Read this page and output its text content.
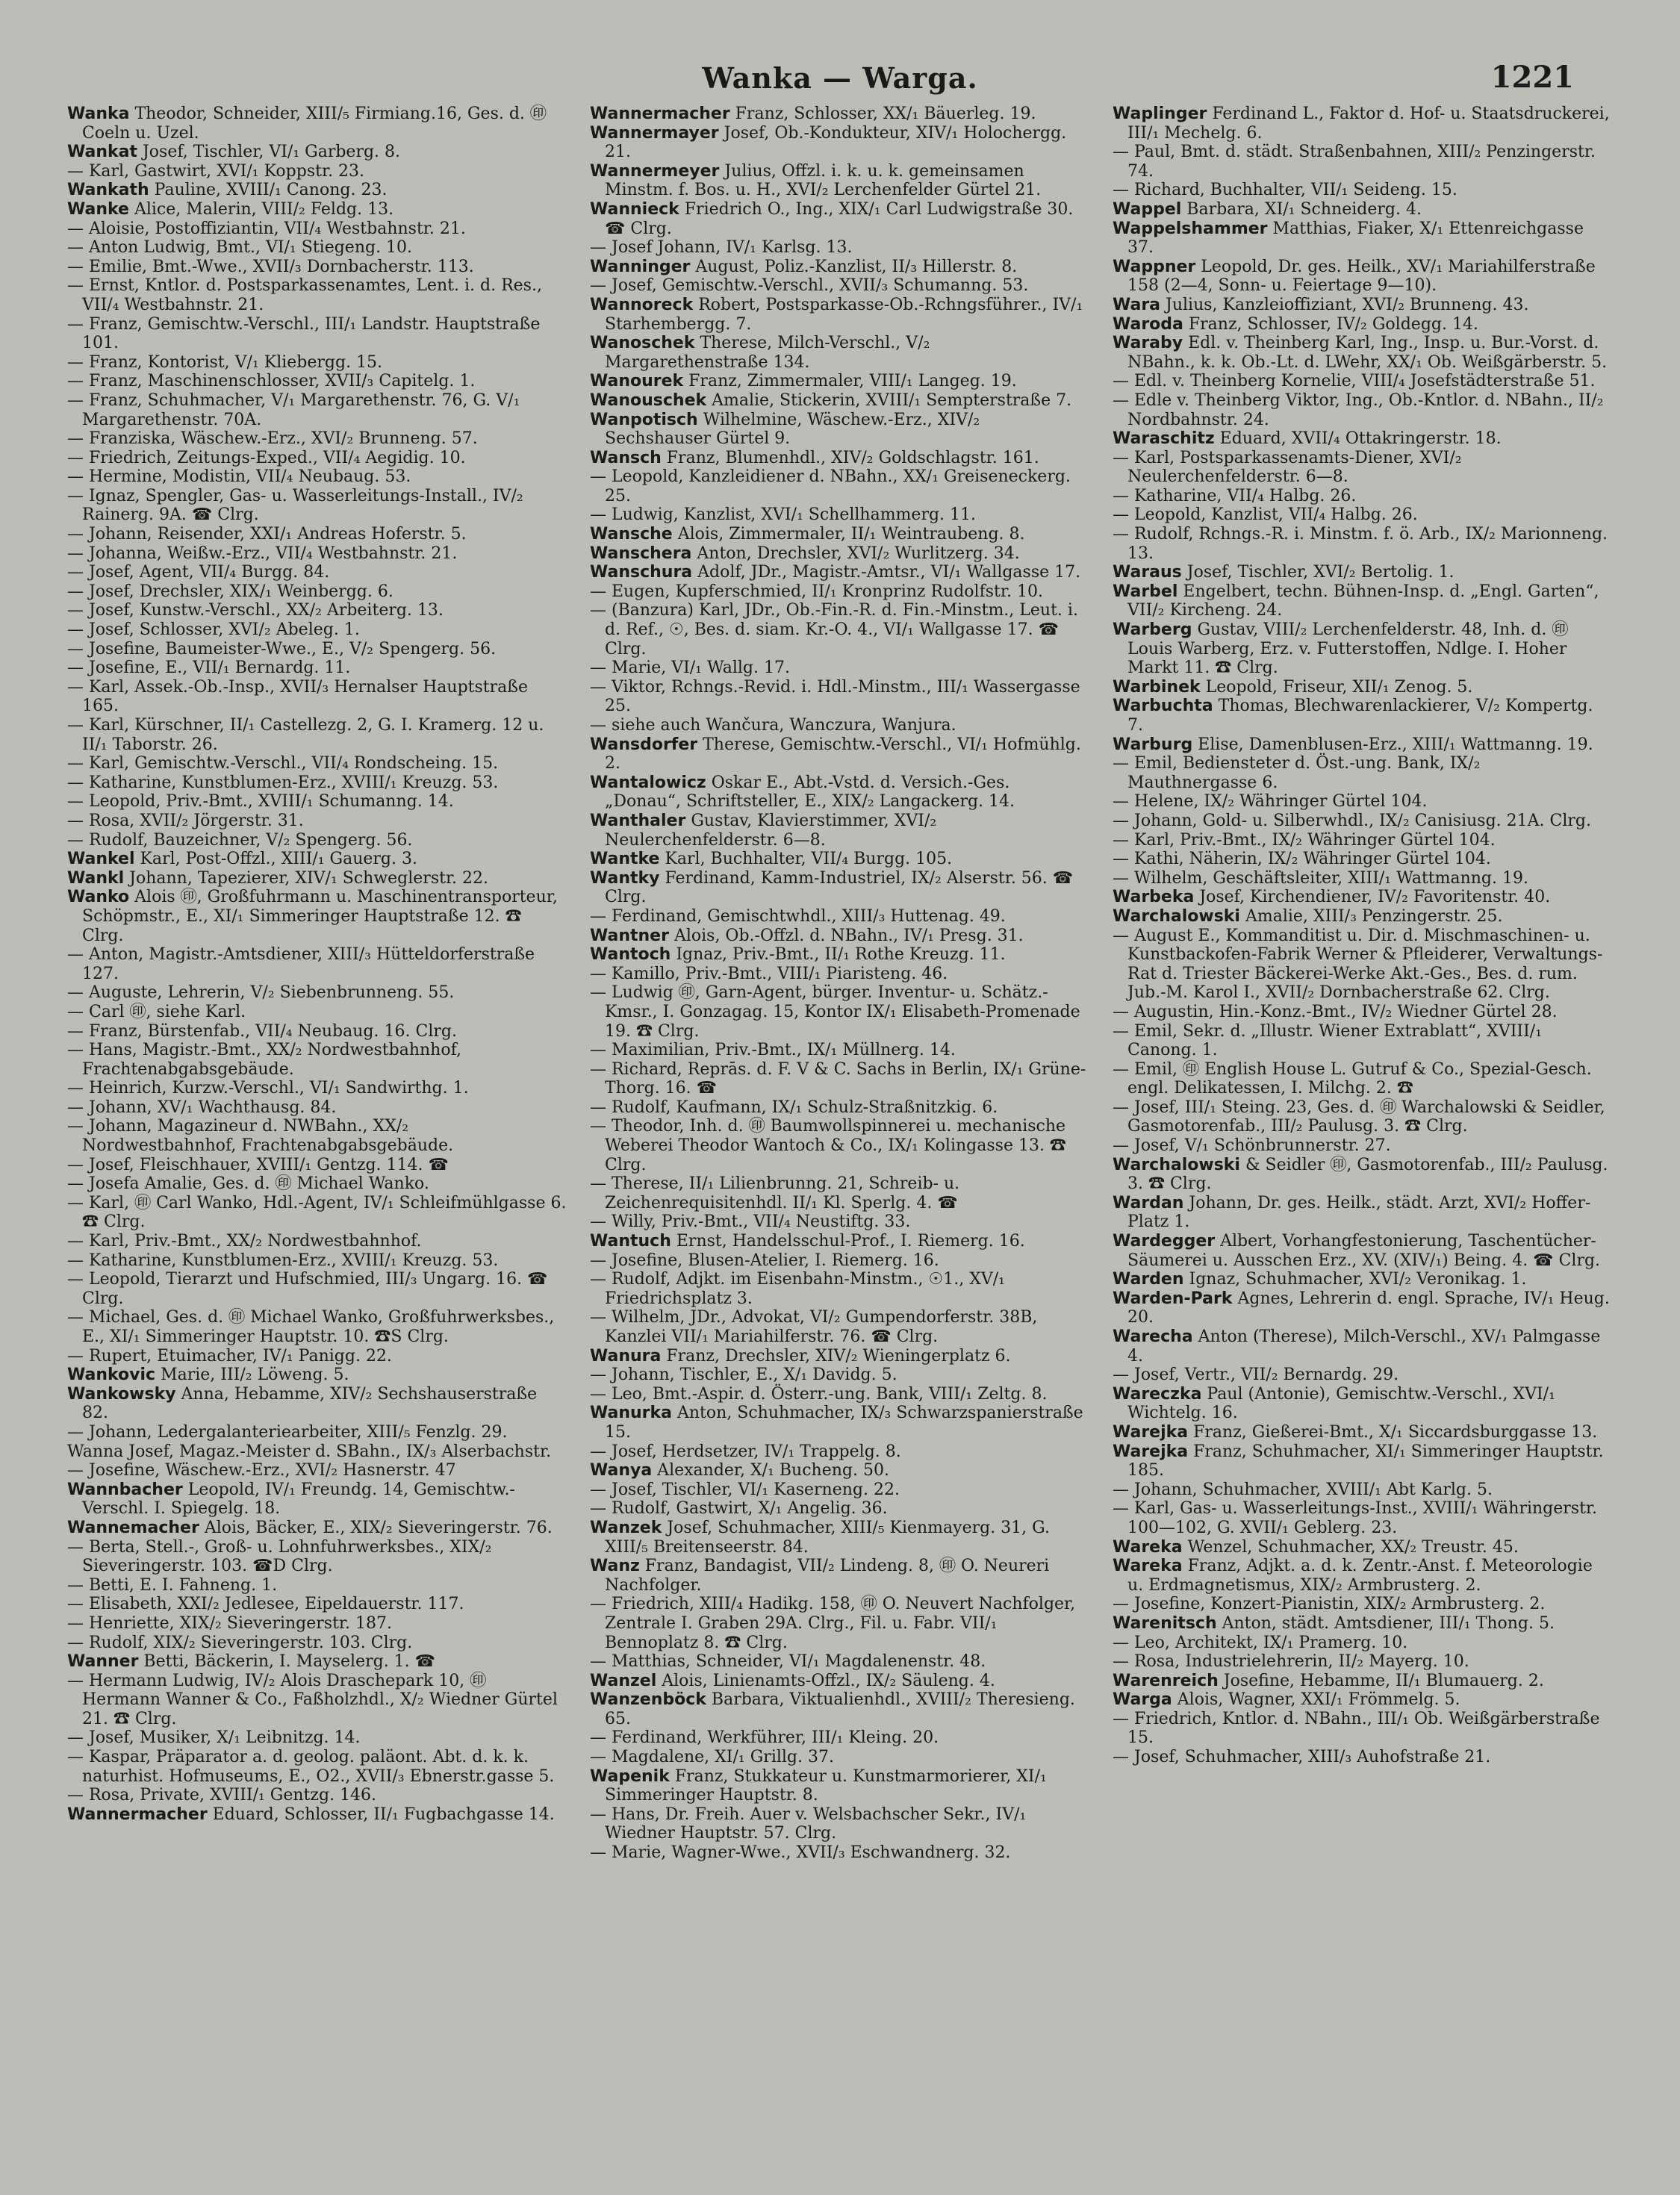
Wanka — Warga.	1221

Wanka Theodor, Schneider, XIII/₅ Firmiang.16, Ges. d. ㊞ Coeln u. Uzel.

Wankat Josef, Tischler, VI/₁ Garberg. 8.

— Karl, Gastwirt, XVI/₁ Koppstr. 23.

Wankath Pauline, XVIII/₁ Canong. 23.

Wanke Alice, Malerin, VIII/₂ Feldg. 13.

— Aloisie, Postoffiziantin, VII/₄ Westbahnstr. 21.

— Anton Ludwig, Bmt., VI/₁ Stiegeng. 10.

— Emilie, Bmt.-Wwe., XVII/₃ Dornbacherstr. 113.

— Ernst, Kntlor. d. Postsparkassenamtes, Lent. i. d. Res., VII/₄ Westbahnstr. 21.

— Franz, Gemischtw.-Verschl., III/₁ Landstr. Hauptstraße 101.

— Franz, Kontorist, V/₁ Kliebergg. 15.

— Franz, Maschinenschlosser, XVII/₃ Capitelg. 1.

— Franz, Schuhmacher, V/₁ Margarethenstr. 76, G. V/₁ Margarethenstr. 70A.

— Franziska, Wäschew.-Erz., XVI/₂ Brunneng. 57.

— Friedrich, Zeitungs-Exped., VII/₄ Aegidig. 10.

— Hermine, Modistin, VII/₄ Neubaug. 53.

— Ignaz, Spengler, Gas- u. Wasserleitungs-Install., IV/₂ Rainerg. 9A. ☎ Clrg.

— Johann, Reisender, XXI/₁ Andreas Hoferstr. 5.

— Johanna, Weißw.-Erz., VII/₄ Westbahnstr. 21.

— Josef, Agent, VII/₄ Burgg. 84.

— Josef, Drechsler, XIX/₁ Weinbergg. 6.

— Josef, Kunstw.-Verschl., XX/₂ Arbeiterg. 13.

— Josef, Schlosser, XVI/₂ Abeleg. 1.

— Josefine, Baumeister-Wwe., E., V/₂ Spengerg. 56.

— Josefine, E., VII/₁ Bernardg. 11.

— Karl, Assek.-Ob.-Insp., XVII/₃ Hernalser Hauptstraße 165.

— Karl, Kürschner, II/₁ Castellezg. 2, G. I. Kramerg. 12 u. II/₁ Taborstr. 26.

— Karl, Gemischtw.-Verschl., VII/₄ Rondscheing. 15.

— Katharine, Kunstblumen-Erz., XVIII/₁ Kreuzg. 53.

— Leopold, Priv.-Bmt., XVIII/₁ Schumanng. 14.

— Rosa, XVII/₂ Jörgerstr. 31.

— Rudolf, Bauzeichner, V/₂ Spengerg. 56.

Wankel Karl, Post-Offzl., XIII/₁ Gauerg. 3.

Wankl Johann, Tapezierer, XIV/₁ Schweglerstr. 22.

Wanko Alois ㊞, Großfuhrmann u. Maschinentransporteur, Schöpmstr., E., XI/₁ Simmeringer Hauptstraße 12. ☎ Clrg.

— Anton, Magistr.-Amtsdiener, XIII/₃ Hütteldorferstraße 127.

— Auguste, Lehrerin, V/₂ Siebenbrunneng. 55.

— Carl ㊞, siehe Karl.

— Franz, Bürstenfab., VII/₄ Neubaug. 16. Clrg.

— Hans, Magistr.-Bmt., XX/₂ Nordwestbahnhof, Frachtenabgabsgebäude.

— Heinrich, Kurzw.-Verschl., VI/₁ Sandwirthg. 1.

— Johann, XV/₁ Wachthausg. 84.

— Johann, Magazineur d. NWBahn., XX/₂ Nordwestbahnhof, Frachtenabgabsgebäude.

— Josef, Fleischhauer, XVIII/₁ Gentzg. 114. ☎

— Josefa Amalie, Ges. d. ㊞ Michael Wanko.

— Karl, ㊞ Carl Wanko, Hdl.-Agent, IV/₁ Schleifmühlgasse 6. ☎ Clrg.

— Karl, Priv.-Bmt., XX/₂ Nordwestbahnhof.

— Katharine, Kunstblumen-Erz., XVIII/₁ Kreuzg. 53.

— Leopold, Tierarzt und Hufschmied, III/₃ Ungarg. 16. ☎ Clrg.

— Michael, Ges. d. ㊞ Michael Wanko, Großfuhrwerksbes., E., XI/₁ Simmeringer Hauptstr. 10. ☎S Clrg.

— Rupert, Etuimacher, IV/₁ Panigg. 22.

Wankovic Marie, III/₂ Löweng. 5.

Wankowsky Anna, Hebamme, XIV/₂ Sechshauserstraße 82.

— Johann, Ledergalanteriearbeiter, XIII/₅ Fenzlg. 29.

Wanna Josef, Magaz.-Meister d. SBahn., IX/₃ Alserbachstr.

— Josefine, Wäschew.-Erz., XVI/₂ Hasnerstr. 47

Wannbacher Leopold, IV/₁ Freundg. 14, Gemischtw.-Verschl. I. Spiegelg. 18.

Wannemacher Alois, Bäcker, E., XIX/₂ Sieveringerstr. 76.

— Berta, Stell.-, Groß- u. Lohnfuhrwerksbes., XIX/₂ Sieveringerstr. 103. ☎D Clrg.

— Betti, E. I. Fahneng. 1.

— Elisabeth, XXI/₂ Jedlesee, Eipeldauerstr. 117.

— Henriette, XIX/₂ Sieveringerstr. 187.

— Rudolf, XIX/₂ Sieveringerstr. 103. Clrg.

Wanner Betti, Bäckerin, I. Mayselerg. 1. ☎

— Hermann Ludwig, IV/₂ Alois Draschepark 10, ㊞ Hermann Wanner & Co., Faßholzhdl., X/₂ Wiedner Gürtel 21. ☎ Clrg.

— Josef, Musiker, X/₁ Leibnitzg. 14.

— Kaspar, Präparator a. d. geolog. paläont. Abt. d. k. k. naturhist. Hofmuseums, E., O2., XVII/₃ Ebnerstr.gasse 5.

— Rosa, Private, XVIII/₁ Gentzg. 146.

Wannermacher Eduard, Schlosser, II/₁ Fugbachgasse 14.

Wannermacher Franz, Schlosser, XX/₁ Bäuerleg. 19.

Wannermayer Josef, Ob.-Kondukteur, XIV/₁ Holochergg. 21.

Wannermeyer Julius, Offzl. i. k. u. k. gemeinsamen Minstm. f. Bos. u. H., XVI/₂ Lerchenfelder Gürtel 21.

Wannieck Friedrich O., Ing., XIX/₁ Carl Ludwigstraße 30. ☎ Clrg.

— Josef Johann, IV/₁ Karlsg. 13.

Wanninger August, Poliz.-Kanzlist, II/₃ Hillerstr. 8.

— Josef, Gemischtw.-Verschl., XVII/₃ Schumanng. 53.

Wannoreck Robert, Postsparkasse-Ob.-Rchngsführer., IV/₁ Starhembergg. 7.

Wanoschek Therese, Milch-Verschl., V/₂ Margarethenstraße 134.

Wanourek Franz, Zimmermaler, VIII/₁ Langeg. 19.

Wanouschek Amalie, Stickerin, XVIII/₁ Sempterstraße 7.

Wanpotisch Wilhelmine, Wäschew.-Erz., XIV/₂ Sechshauser Gürtel 9.

Wansch Franz, Blumenhdl., XIV/₂ Goldschlagstr. 161.

— Leopold, Kanzleidiener d. NBahn., XX/₁ Greiseneckerg. 25.

— Ludwig, Kanzlist, XVI/₁ Schellhammerg. 11.

Wansche Alois, Zimmermaler, II/₁ Weintraubeng. 8.

Wanschera Anton, Drechsler, XVI/₂ Wurlitzerg. 34.

Wanschura Adolf, JDr., Magistr.-Amtsr., VI/₁ Wallgasse 17.

— Eugen, Kupferschmied, II/₁ Kronprinz Rudolfstr. 10.

— (Banzura) Karl, JDr., Ob.-Fin.-R. d. Fin.-Minstm., Leut. i. d. Ref., ☉, Bes. d. siam. Kr.-O. 4., VI/₁ Wallgasse 17. ☎ Clrg.

— Marie, VI/₁ Wallg. 17.

— Viktor, Rchngs.-Revid. i. Hdl.-Minstm., III/₁ Wassergasse 25.

— siehe auch Wančura, Wanczura, Wanjura.

Wansdorfer Therese, Gemischtw.-Verschl., VI/₁ Hofmühlg. 2.

Wantalowicz Oskar E., Abt.-Vstd. d. Versich.-Ges. „Donau“, Schriftsteller, E., XIX/₂ Langackerg. 14.

Wanthaler Gustav, Klavierstimmer, XVI/₂ Neulerchenfelderstr. 6—8.

Wantke Karl, Buchhalter, VII/₄ Burgg. 105.

Wantky Ferdinand, Kamm-Industriel, IX/₂ Alserstr. 56. ☎ Clrg.

— Ferdinand, Gemischtwhdl., XIII/₃ Huttenag. 49.

Wantner Alois, Ob.-Offzl. d. NBahn., IV/₁ Presg. 31.

Wantoch Ignaz, Priv.-Bmt., II/₁ Rothe Kreuzg. 11.

— Kamillo, Priv.-Bmt., VIII/₁ Piaristeng. 46.

— Ludwig ㊞, Garn-Agent, bürger. Inventur- u. Schätz.-Kmsr., I. Gonzagag. 15, Kontor IX/₁ Elisabeth-Promenade 19. ☎ Clrg.

— Maximilian, Priv.-Bmt., IX/₁ Müllnerg. 14.

— Richard, Reprās. d. F. V & C. Sachs in Berlin, IX/₁ Grüne-Thorg. 16. ☎

— Rudolf, Kaufmann, IX/₁ Schulz-Straßnitzkig. 6.

— Theodor, Inh. d. ㊞ Baumwollspinnerei u. mechanische Weberei Theodor Wantoch & Co., IX/₁ Kolingasse 13. ☎ Clrg.

— Therese, II/₁ Lilienbrunng. 21, Schreib- u. Zeichenrequisitenhdl. II/₁ Kl. Sperlg. 4. ☎

— Willy, Priv.-Bmt., VII/₄ Neustiftg. 33.

Wantuch Ernst, Handelsschul-Prof., I. Riemerg. 16.

— Josefine, Blusen-Atelier, I. Riemerg. 16.

— Rudolf, Adjkt. im Eisenbahn-Minstm., ☉1., XV/₁ Friedrichsplatz 3.

— Wilhelm, JDr., Advokat, VI/₂ Gumpendorferstr. 38B, Kanzlei VII/₁ Mariahilferstr. 76. ☎ Clrg.

Wanura Franz, Drechsler, XIV/₂ Wieningerplatz 6.

— Johann, Tischler, E., X/₁ Davidg. 5.

— Leo, Bmt.-Aspir. d. Österr.-ung. Bank, VIII/₁ Zeltg. 8.

Wanurka Anton, Schuhmacher, IX/₃ Schwarzspanierstraße 15.

— Josef, Herdsetzer, IV/₁ Trappelg. 8.

Wanya Alexander, X/₁ Bucheng. 50.

— Josef, Tischler, VI/₁ Kaserneng. 22.

— Rudolf, Gastwirt, X/₁ Angelig. 36.

Wanzek Josef, Schuhmacher, XIII/₅ Kienmayerg. 31, G. XIII/₅ Breitenseerstr. 84.

Wanz Franz, Bandagist, VII/₂ Lindeng. 8, ㊞ O. Neureri Nachfolger.

— Friedrich, XIII/₄ Hadikg. 158, ㊞ O. Neuvert Nachfolger, Zentrale I. Graben 29A. Clrg., Fil. u. Fabr. VII/₁ Bennoplatz 8. ☎ Clrg.

— Matthias, Schneider, VI/₁ Magdalenenstr. 48.

Wanzel Alois, Linienamts-Offzl., IX/₂ Säuleng. 4.

Wanzenböck Barbara, Viktualienhdl., XVIII/₂ Theresieng. 65.

— Ferdinand, Werkführer, III/₁ Kleing. 20.

— Magdalene, XI/₁ Grillg. 37.

Wapenik Franz, Stukkateur u. Kunstmarmorierer, XI/₁ Simmeringer Hauptstr. 8.

— Hans, Dr. Freih. Auer v. Welsbachscher Sekr., IV/₁ Wiedner Hauptstr. 57. Clrg.

— Marie, Wagner-Wwe., XVII/₃ Eschwandnerg. 32.

Waplinger Ferdinand L., Faktor d. Hof- u. Staatsdruckerei, III/₁ Mechelg. 6.

— Paul, Bmt. d. städt. Straßenbahnen, XIII/₂ Penzingerstr. 74.

— Richard, Buchhalter, VII/₁ Seideng. 15.

Wappel Barbara, XI/₁ Schneiderg. 4.

Wappelshammer Matthias, Fiaker, X/₁ Ettenreichgasse 37.

Wappner Leopold, Dr. ges. Heilk., XV/₁ Mariahilferstraße 158 (2—4, Sonn- u. Feiertage 9—10).

Wara Julius, Kanzleioffiziant, XVI/₂ Brunneng. 43.

Waroda Franz, Schlosser, IV/₂ Goldegg. 14.

Waraby Edl. v. Theinberg Karl, Ing., Insp. u. Bur.-Vorst. d. NBahn., k. k. Ob.-Lt. d. LWehr, XX/₁ Ob. Weißgärberstr. 5.

— Edl. v. Theinberg Kornelie, VIII/₄ Josefstädterstraße 51.

— Edle v. Theinberg Viktor, Ing., Ob.-Kntlor. d. NBahn., II/₂ Nordbahnstr. 24.

Waraschitz Eduard, XVII/₄ Ottakringerstr. 18.

— Karl, Postsparkassenamts-Diener, XVI/₂ Neulerchenfelderstr. 6—8.

— Katharine, VII/₄ Halbg. 26.

— Leopold, Kanzlist, VII/₄ Halbg. 26.

— Rudolf, Rchngs.-R. i. Minstm. f. ö. Arb., IX/₂ Marionneng. 13.

Waraus Josef, Tischler, XVI/₂ Bertolig. 1.

Warbel Engelbert, techn. Bühnen-Insp. d. „Engl. Garten“, VII/₂ Kircheng. 24.

Warberg Gustav, VIII/₂ Lerchenfelderstr. 48, Inh. d. ㊞ Louis Warberg, Erz. v. Futterstoffen, Ndlge. I. Hoher Markt 11. ☎ Clrg.

Warbinek Leopold, Friseur, XII/₁ Zenog. 5.

Warbuchta Thomas, Blechwarenlackierer, V/₂ Kompertg. 7.

Warburg Elise, Damenblusen-Erz., XIII/₁ Wattmanng. 19.

— Emil, Bediensteter d. Öst.-ung. Bank, IX/₂ Mauthnergasse 6.

— Helene, IX/₂ Währinger Gürtel 104.

— Johann, Gold- u. Silberwhdl., IX/₂ Canisiusg. 21A. Clrg.

— Karl, Priv.-Bmt., IX/₂ Währinger Gürtel 104.

— Kathi, Näherin, IX/₂ Währinger Gürtel 104.

— Wilhelm, Geschäftsleiter, XIII/₁ Wattmanng. 19.

Warbeka Josef, Kirchendiener, IV/₂ Favoritenstr. 40.

Warchalowski Amalie, XIII/₃ Penzingerstr. 25.

— August E., Kommanditist u. Dir. d. Mischmaschinen- u. Kunstbackofen-Fabrik Werner & Pfleiderer, Verwaltungs-Rat d. Triester Bäckerei-Werke Akt.-Ges., Bes. d. rum. Jub.-M. Karol I., XVII/₂ Dornbacherstraße 62. Clrg.

— Augustin, Hin.-Konz.-Bmt., IV/₂ Wiedner Gürtel 28.

— Emil, Sekr. d. „Illustr. Wiener Extrablatt“, XVIII/₁ Canong. 1.

— Emil, ㊞ English House L. Gutruf & Co., Spezial-Gesch. engl. Delikatessen, I. Milchg. 2. ☎

— Josef, III/₁ Steing. 23, Ges. d. ㊞ Warchalowski & Seidler, Gasmotorenfab., III/₂ Paulusg. 3. ☎ Clrg.

— Josef, V/₁ Schönbrunnerstr. 27.

Warchalowski & Seidler ㊞, Gasmotorenfab., III/₂ Paulusg. 3. ☎ Clrg.

Wardan Johann, Dr. ges. Heilk., städt. Arzt, XVI/₂ Hoffer-Platz 1.

Wardegger Albert, Vorhangfestonierung, Taschentücher-Säumerei u. Ausschen Erz., XV. (XIV/₁) Being. 4. ☎ Clrg.

Warden Ignaz, Schuhmacher, XVI/₂ Veronikag. 1.

Warden-Park Agnes, Lehrerin d. engl. Sprache, IV/₁ Heug. 20.

Warecha Anton (Therese), Milch-Verschl., XV/₁ Palmgasse 4.

— Josef, Vertr., VII/₂ Bernardg. 29.

Wareczka Paul (Antonie), Gemischtw.-Verschl., XVI/₁ Wichtelg. 16.

Warejka Franz, Gießerei-Bmt., X/₁ Siccardsburggasse 13.

Warejka Franz, Schuhmacher, XI/₁ Simmeringer Hauptstr. 185.

— Johann, Schuhmacher, XVIII/₁ Abt Karlg. 5.

— Karl, Gas- u. Wasserleitungs-Inst., XVIII/₁ Währingerstr. 100—102, G. XVII/₁ Geblerg. 23.

Wareka Wenzel, Schuhmacher, XX/₂ Treustr. 45.

Wareka Franz, Adjkt. a. d. k. Zentr.-Anst. f. Meteorologie u. Erdmagnetismus, XIX/₂ Armbrusterg. 2.

— Josefine, Konzert-Pianistin, XIX/₂ Armbrusterg. 2.

Warenitsch Anton, städt. Amtsdiener, III/₁ Thong. 5.

— Leo, Architekt, IX/₁ Pramerg. 10.

— Rosa, Industrielehrerin, II/₂ Mayerg. 10.

Warenreich Josefine, Hebamme, II/₁ Blumauerg. 2.

Warga Alois, Wagner, XXI/₁ Frömmelg. 5.

— Friedrich, Kntlor. d. NBahn., III/₁ Ob. Weißgärberstraße 15.

— Josef, Schuhmacher, XIII/₃ Auhofstraße 21.
